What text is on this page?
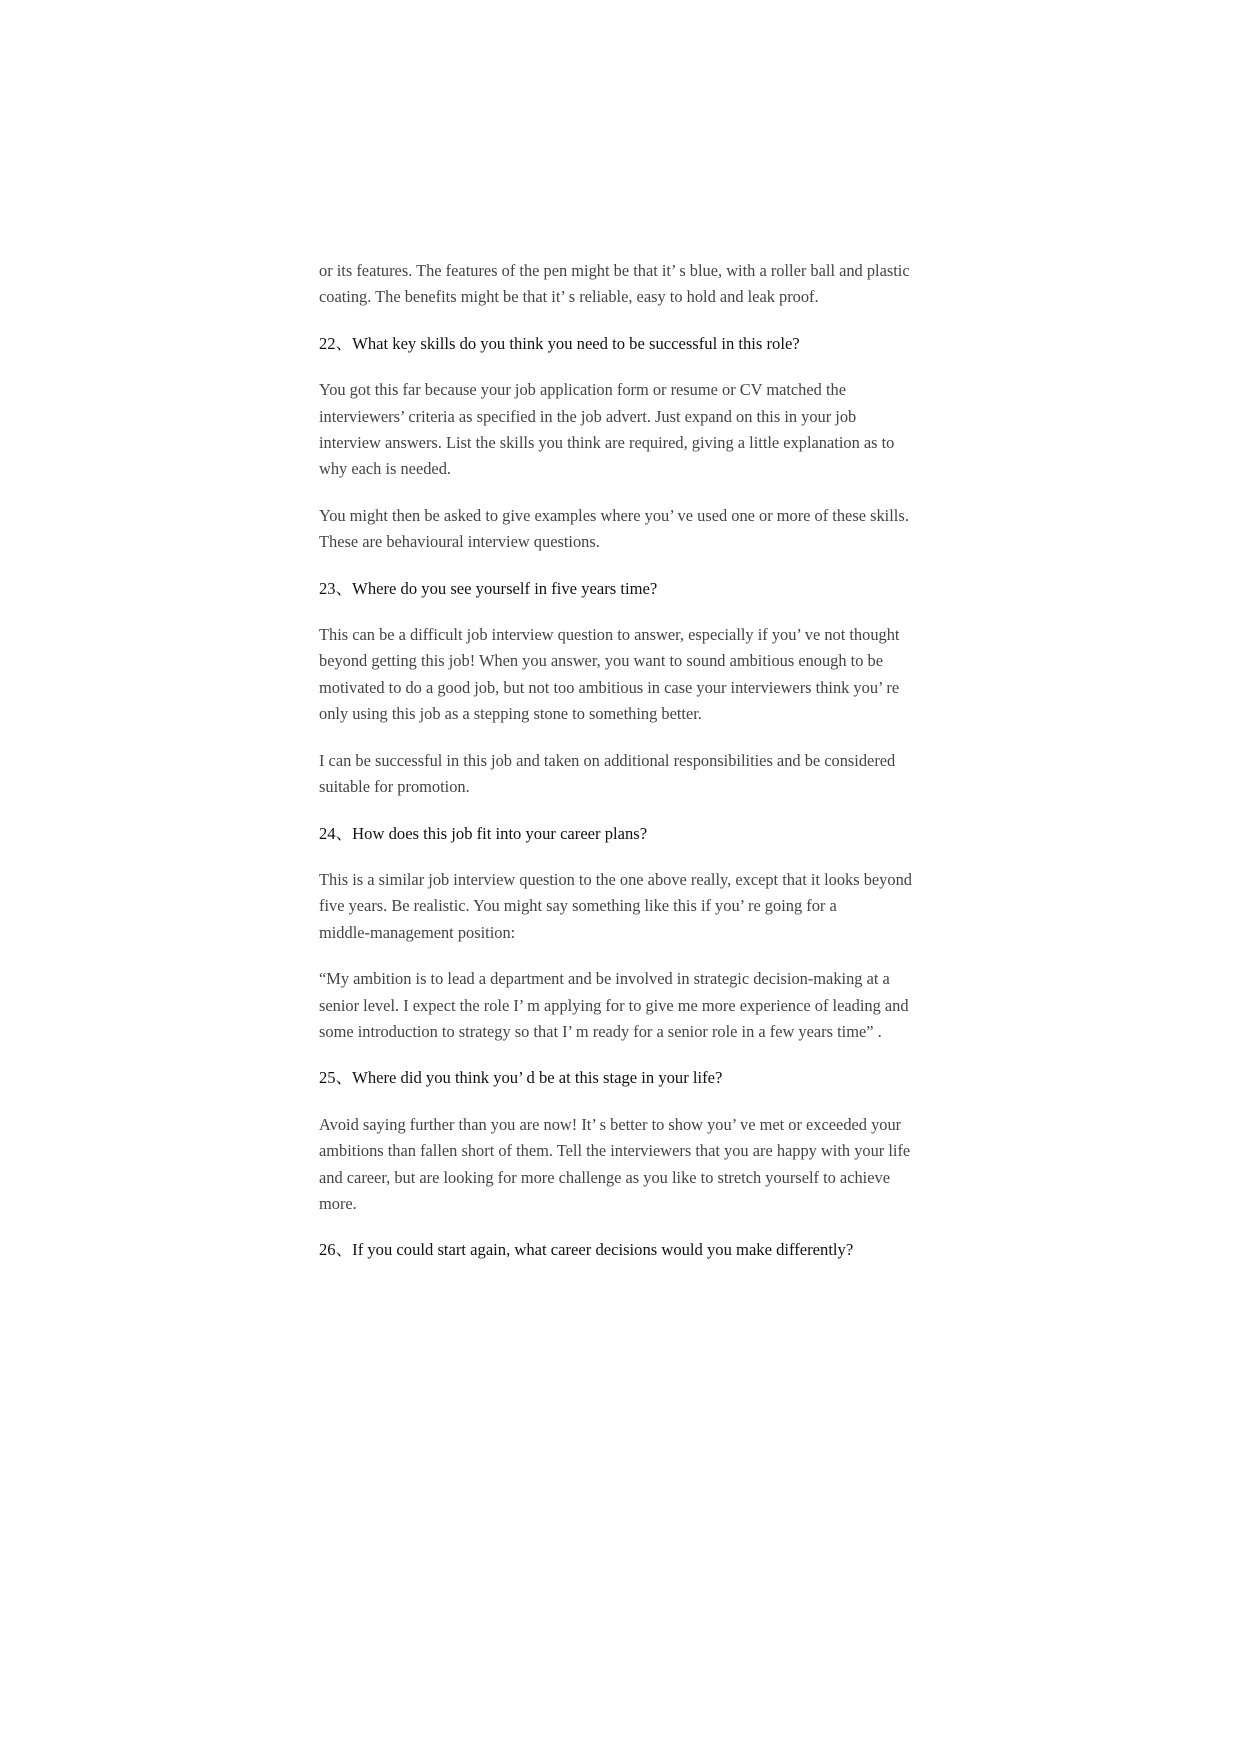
or its features. The features of the pen might be that it’ s blue, with a roller ball and plastic
coating. The benefits might be that it’ s reliable, easy to hold and leak proof.

22、What key skills do you think you need to be successful in this role?

You got this far because your job application form or resume or CV matched the
interviewers’ criteria as specified in the job advert. Just expand on this in your job
interview answers. List the skills you think are required, giving a little explanation as to
why each is needed.

You might then be asked to give examples where you’ ve used one or more of these skills.
These are behavioural interview questions.

23、Where do you see yourself in five years time?

This can be a difficult job interview question to answer, especially if you’ ve not thought
beyond getting this job! When you answer, you want to sound ambitious enough to be
motivated to do a good job, but not too ambitious in case your interviewers think you’ re
only using this job as a stepping stone to something better.

I can be successful in this job and taken on additional responsibilities and be considered
suitable for promotion.

24、How does this job fit into your career plans?

This is a similar job interview question to the one above really, except that it looks beyond
five years. Be realistic. You might say something like this if you’ re going for a
middle-management position:

“My ambition is to lead a department and be involved in strategic decision-making at a
senior level. I expect the role I’ m applying for to give me more experience of leading and
some introduction to strategy so that I’ m ready for a senior role in a few years time” .

25、Where did you think you’ d be at this stage in your life?

Avoid saying further than you are now! It’ s better to show you’ ve met or exceeded your
ambitions than fallen short of them. Tell the interviewers that you are happy with your life
and career, but are looking for more challenge as you like to stretch yourself to achieve
more.

26、If you could start again, what career decisions would you make differently?
